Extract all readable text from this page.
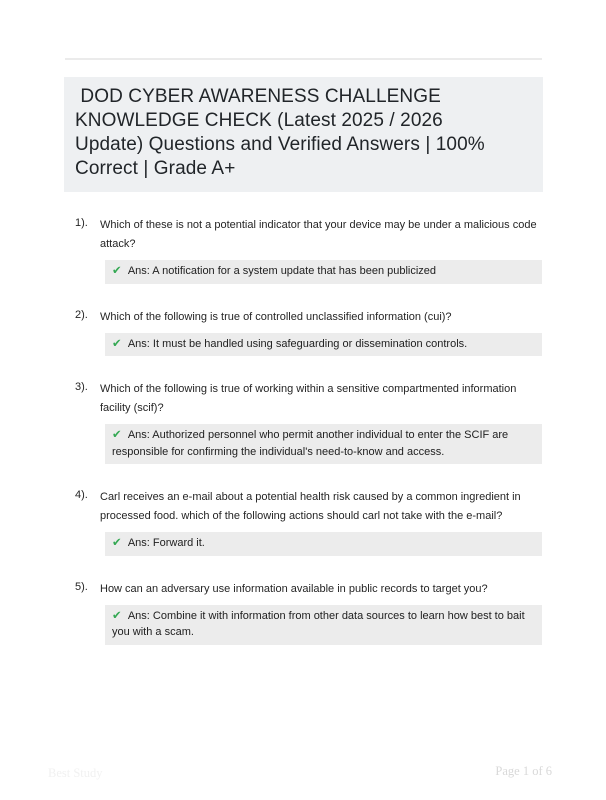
DOD CYBER AWARENESS CHALLENGE
KNOWLEDGE CHECK (Latest 2025 / 2026
Update) Questions and Verified Answers | 100%
Correct | Grade A+
1).	Which of these is not a potential indicator that your device may be under a malicious code attack?
✔ Ans: A notification for a system update that has been publicized
2).	Which of the following is true of controlled unclassified information (cui)?
✔ Ans: It must be handled using safeguarding or dissemination controls.
3).	Which of the following is true of working within a sensitive compartmented information facility (scif)?
✔ Ans: Authorized personnel who permit another individual to enter the SCIF are responsible for confirming the individual's need-to-know and access.
4).	Carl receives an e-mail about a potential health risk caused by a common ingredient in processed food. which of the following actions should carl not take with the e-mail?
✔ Ans: Forward it.
5).	How can an adversary use information available in public records to target you?
✔ Ans: Combine it with information from other data sources to learn how best to bait you with a scam.
Best Study	Page 1 of 6
